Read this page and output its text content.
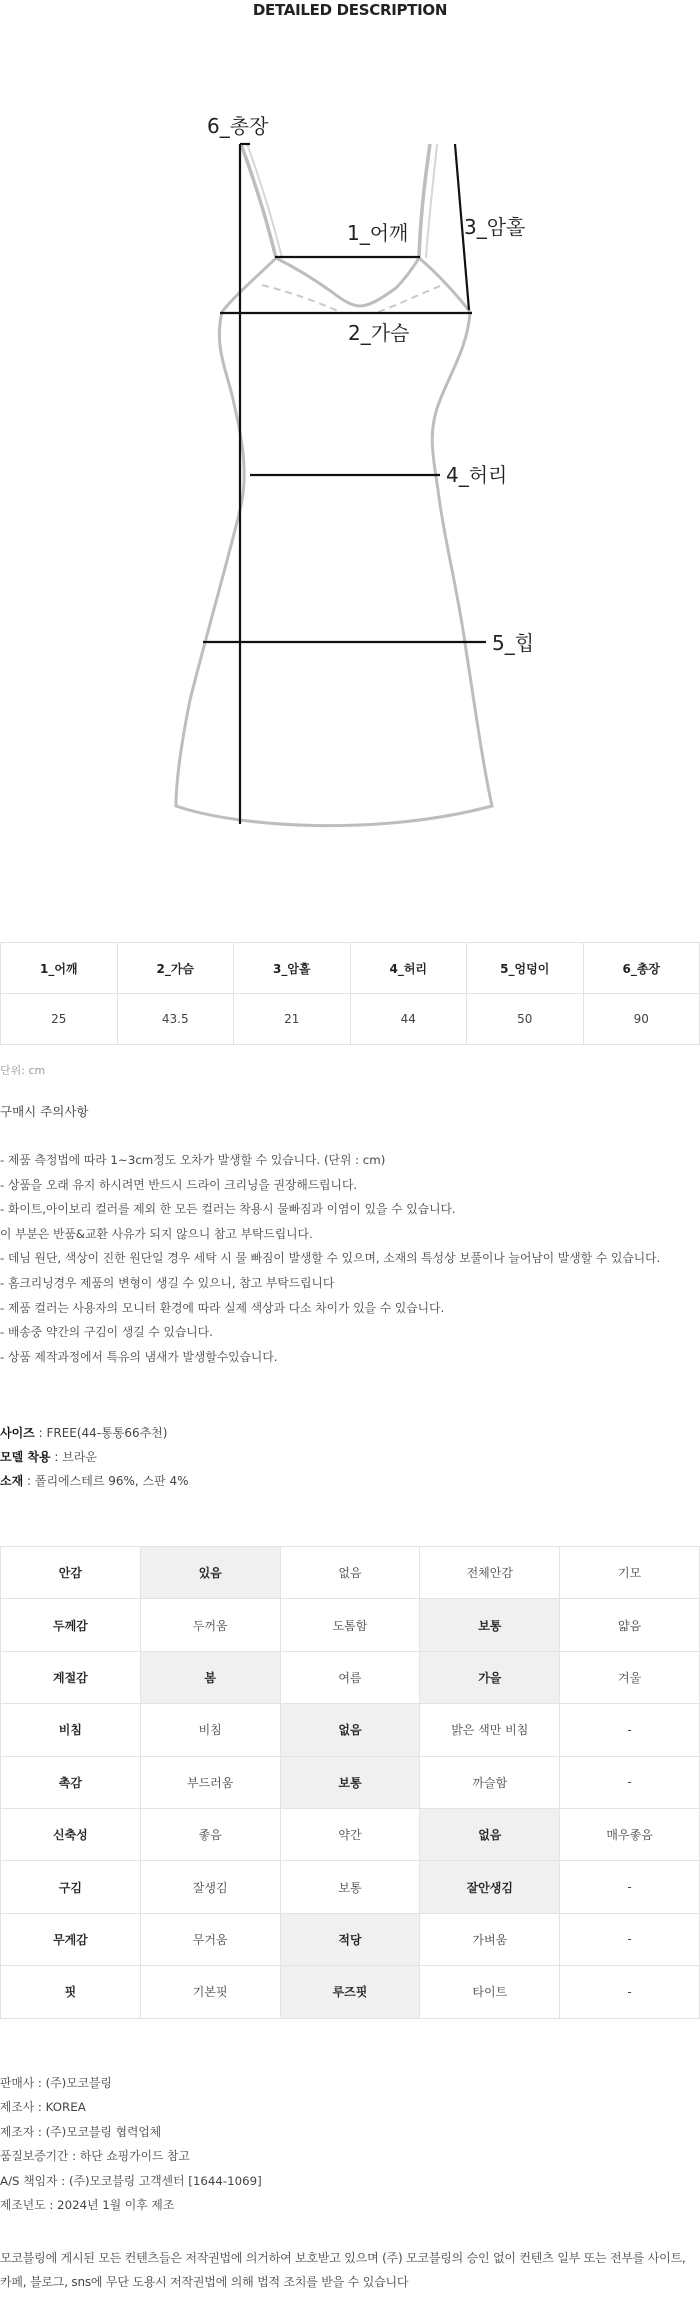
DETAILED DESCRIPTION
6_총장
1_어깨	3_암홀
2_가슴
4_허리
5_힙
1_어깨	2_가슴	3_암홀	4_허리	5_엉덩이	6_총장
25	43.5	21	44	50	90
단위: cm
구매시 주의사항
- 제품 측정법에 따라 1~3cm정도 오차가 발생할 수 있습니다. (단위 : cm)
- 상품을 오래 유지 하시려면 반드시 드라이 크리닝을 권장해드립니다.
- 화이트,아이보리 컬러를 제외 한 모든 컬러는 착용시 물빠짐과 이염이 있을 수 있습니다.
이 부분은 반품&교환 사유가 되지 않으니 참고 부탁드립니다.
- 데님 원단, 색상이 진한 원단일 경우 세탁 시 물 빠짐이 발생할 수 있으며, 소재의 특성상 보풀이나 늘어남이 발생할 수 있습니다.
- 홈크리닝경우 제품의 변형이 생길 수 있으니, 참고 부탁드립니다
- 제품 컬러는 사용자의 모니터 환경에 따라 실제 색상과 다소 차이가 있을 수 있습니다.
- 배송중 약간의 구김이 생길 수 있습니다.
- 상품 제작과정에서 특유의 냄새가 발생할수있습니다.
사이즈 : FREE(44-통통66추천)
모델 착용 : 브라운
소재 : 폴리에스테르 96%, 스판 4%
안감	있음	없음	전체안감	기모
두께감	두꺼움	도톰함	보통	얇음
계절감	봄	여름	가을	겨울
비침	비침	없음	밝은 색만 비침	-
촉감	부드러움	보통	까슬함	-
신축성	좋음	약간	없음	매우좋음
구김	잘생김	보통	잘안생김	-
무게감	무거움	적당	가벼움	-
핏	기본핏	루즈핏	타이트	-
판매사 : (주)모코블링
제조사 : KOREA
제조자 : (주)모코블링 협력업체
품질보증기간 : 하단 쇼핑가이드 참고
A/S 책임자 : (주)모코블링 고객센터 [1644-1069]
제조년도 : 2024년 1월 이후 제조
모코블링에 게시된 모든 컨텐츠들은 저작권법에 의거하여 보호받고 있으며 (주) 모코블링의 승인 없이 컨텐츠 일부 또는 전부를 사이트,
카페, 블로그, sns에 무단 도용시 저작권법에 의해 법적 조치를 받을 수 있습니다
